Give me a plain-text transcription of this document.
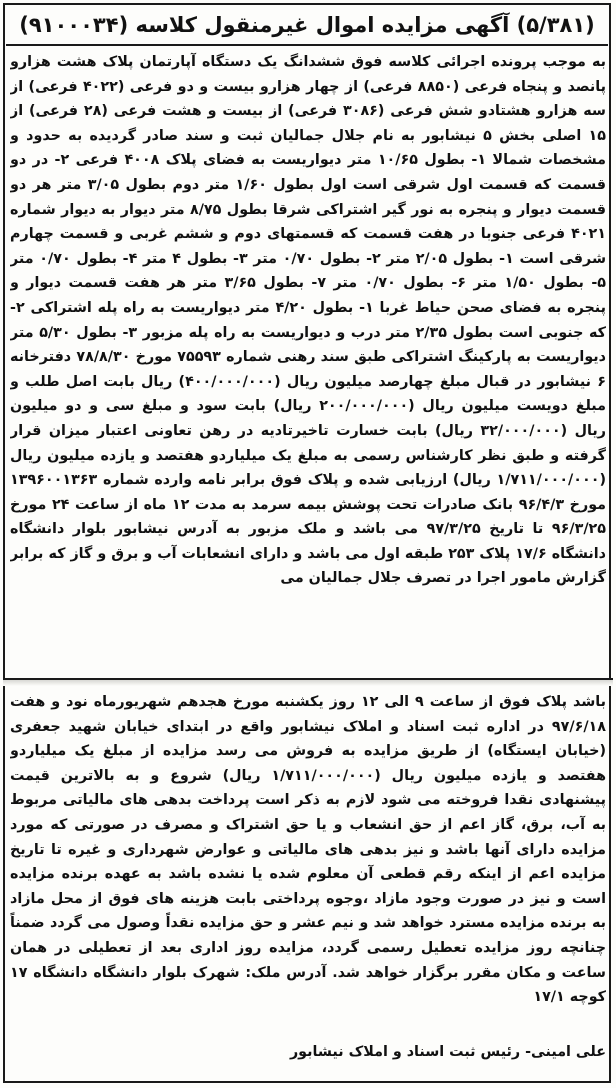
(۵/۳۸۱) آگهی مزایده اموال غیرمنقول کلاسه (۹۱۰۰۰۳۴)
به موجب پرونده اجرائی کلاسه فوق ششدانگ یک دستگاه آپارتمان پلاک هشت هزارو پانصد و پنجاه فرعی (۸۸۵۰ فرعی) از چهار هزارو بیست و دو فرعی (۴۰۲۲ فرعی) از سه هزارو هشتادو شش فرعی (۳۰۸۶ فرعی) از بیست و هشت فرعی (۲۸ فرعی) از ۱۵ اصلی بخش ۵ نیشابور به نام جلال جمالیان ثبت و سند صادر گردیده به حدود و مشخصات شمالا ۱- بطول ۱۰/۶۵ متر دیواریست به فضای پلاک ۴۰۰۸ فرعی ۲- در دو قسمت که قسمت اول شرقی است اول بطول ۱/۶۰ متر دوم بطول ۳/۰۵ متر هر دو قسمت دیوار و پنجره به نور گیر اشتراکی شرقا بطول ۸/۷۵ متر دیوار به دیوار شماره ۴۰۲۱ فرعی جنوبا در هفت قسمت که قسمتهای دوم و ششم غربی و قسمت چهارم شرقی است ۱- بطول ۲/۰۵ متر ۲- بطول ۰/۷۰ متر ۳- بطول ۴ متر ۴- بطول ۰/۷۰ متر ۵- بطول ۱/۵۰ متر ۶- بطول ۰/۷۰ متر ۷- بطول ۳/۶۵ متر هر هفت قسمت دیوار و پنجره به فضای صحن حیاط غربا ۱- بطول ۴/۲۰ متر دیواریست به راه پله اشتراکی ۲- که جنوبی است بطول ۲/۳۵ متر درب و دیواریست به راه پله مزبور ۳- بطول ۵/۳۰ متر دیواریست به پارکینگ اشتراکی طبق سند رهنی شماره ۷۵۵۹۳ مورخ ۷۸/۸/۳۰ دفترخانه ۶ نیشابور در قبال مبلغ چهارصد میلیون ریال (۴۰۰/۰۰۰/۰۰۰) ریال بابت اصل طلب و مبلغ دویست میلیون ریال (۲۰۰/۰۰۰/۰۰۰ ریال) بابت سود و مبلغ سی و دو میلیون ریال (۳۲/۰۰۰/۰۰۰ ریال) بابت خسارت تاخیرتادیه در رهن تعاونی اعتبار میزان قرار گرفته و طبق نظر کارشناس رسمی به مبلغ یک میلیاردو هفتصد و یازده میلیون ریال (۱/۷۱۱/۰۰۰/۰۰۰ ریال) ارزیابی شده و پلاک فوق برابر نامه وارده شماره ۱۳۹۶۰۰۱۳۶۳ مورخ ۹۶/۴/۳ بانک صادرات تحت پوشش بیمه سرمد به مدت ۱۲ ماه از ساعت ۲۴ مورخ ۹۶/۳/۲۵ تا تاریخ ۹۷/۳/۲۵ می باشد و ملک مزبور به آدرس نیشابور بلوار دانشگاه دانشگاه ۱۷/۶ پلاک ۲۵۳ طبقه اول می باشد و دارای انشعابات آب و برق و گاز که برابر گزارش مامور اجرا در تصرف جلال جمالیان می
باشد پلاک فوق از ساعت ۹ الی ۱۲ روز یکشنبه مورخ هجدهم شهریورماه نود و هفت ۹۷/۶/۱۸ در اداره ثبت اسناد و املاک نیشابور واقع در ابتدای خیابان شهید جعفری (خیابان ایستگاه) از طریق مزایده به فروش می رسد مزایده از مبلغ یک میلیاردو هفتصد و یازده میلیون ریال (۱/۷۱۱/۰۰۰/۰۰۰ ریال) شروع و به بالاترین قیمت پیشنهادی نقدا فروخته می شود لازم به ذکر است پرداخت بدهی های مالیاتی مربوط به آب، برق، گاز اعم از حق انشعاب و یا حق اشتراک و مصرف در صورتی که مورد مزایده دارای آنها باشد و نیز بدهی های مالیاتی و عوارض شهرداری و غیره تا تاریخ مزایده اعم از اینکه رقم قطعی آن معلوم شده یا نشده باشد به عهده برنده مزایده است و نیز در صورت وجود مازاد ،وجوه پرداختی بابت هزینه های فوق از محل مازاد به برنده مزایده مسترد خواهد شد و نیم عشر و حق مزایده نقداً وصول می گردد ضمناً چنانچه روز مزایده تعطیل رسمی گردد، مزایده روز اداری بعد از تعطیلی در همان ساعت و مکان مقرر برگزار خواهد شد. آدرس ملک: شهرک بلوار دانشگاه دانشگاه ۱۷ کوچه ۱۷/۱
علی امینی- رئیس ثبت اسناد و املاک نیشابور
